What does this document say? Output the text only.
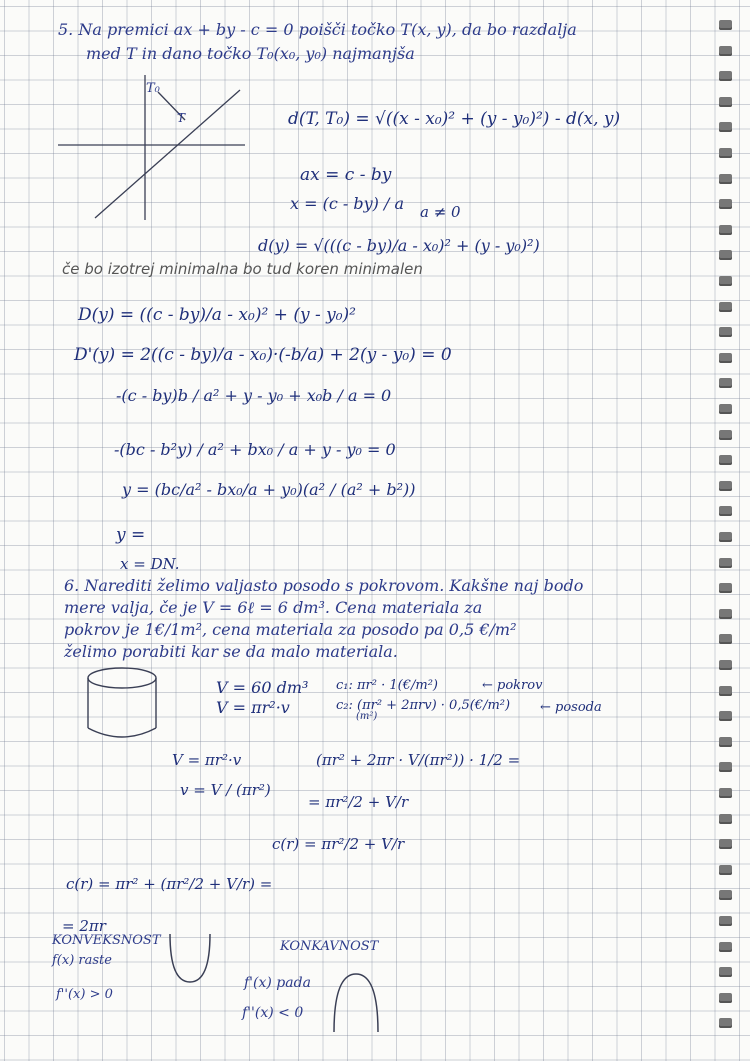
5. Na premici ax + by - c = 0 poišči točko T(x, y), da bo razdalja

med T in dano točko T₀(x₀, y₀) najmanjša

T₀

T	d(T, T₀) = √((x - x₀)² + (y - y₀)²) - d(x, y)

ax = c - by

x = (c - by) / a a ≠ 0

d(y) = √(((c - by)/a - x₀)² + (y - y₀)²)

če bo izotrej minimalna bo tud koren minimalen

D(y) = ((c - by)/a - x₀)² + (y - y₀)²

D'(y) = 2((c - by)/a - x₀)·(-b/a) + 2(y - y₀) = 0

-(c - by)b / a² + y - y₀ + x₀b / a = 0

-(bc - b²y) / a² + bx₀ / a + y - y₀ = 0

y = (bc/a² - bx₀/a + y₀)(a² / (a² + b²))

y =

x = DN.

6. Narediti želimo valjasto posodo s pokrovom. Kakšne naj bodo

mere valja, če je V = 6ℓ = 6 dm³. Cena materiala za

pokrov je 1€/1m², cena materiala za posodo pa 0,5 €/m²

želimo porabiti kar se da malo materiala.

V = 60 dm³

V = πr²·v

c₁: πr² · 1(€/m²)	← pokrov

c₂: (πr² + 2πrv) · 0,5(€/m²) ← posoda

(m²)

V = πr²·v

v = V / (πr²)

(πr² + 2πr · V/(πr²)) · 1/2 =

= πr²/2 + V/r

c(r) = πr²/2 + V/r

c(r) = πr² + (πr²/2 + V/r) =

= 2πr

KONVEKSNOST

f(x) raste

f''(x) > 0

KONKAVNOST

f'(x) pada

f''(x) < 0
